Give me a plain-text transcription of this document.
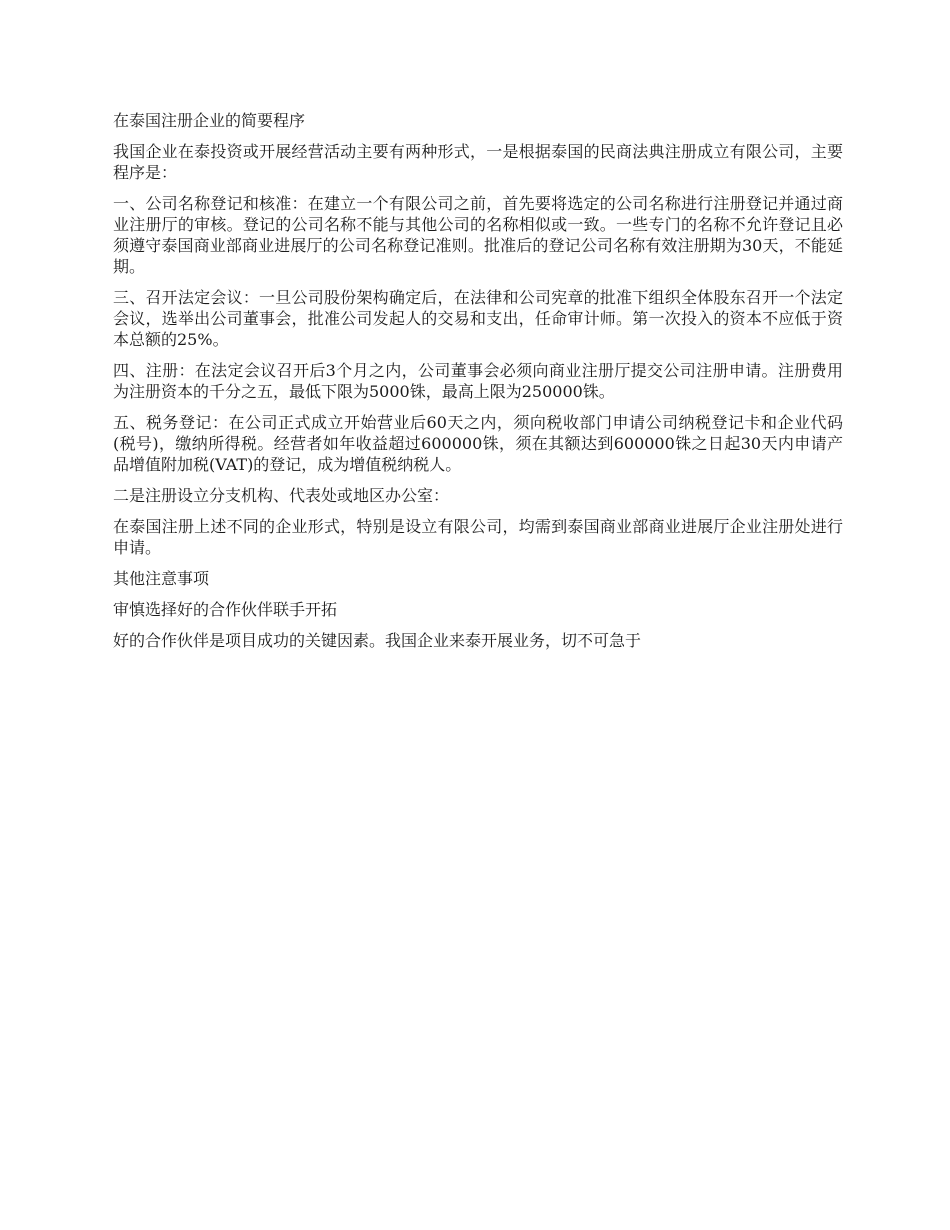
在泰国注册企业的简要程序

我国企业在泰投资或开展经营活动主要有两种形式，一是根据泰国的民商法典注册成立有限公司，主要程序是：

一、公司名称登记和核准：在建立一个有限公司之前，首先要将选定的公司名称进行注册登记并通过商业注册厅的审核。登记的公司名称不能与其他公司的名称相似或一致。一些专门的名称不允许登记且必须遵守泰国商业部商业进展厅的公司名称登记准则。批准后的登记公司名称有效注册期为30天，不能延期。

三、召开法定会议：一旦公司股份架构确定后，在法律和公司宪章的批准下组织全体股东召开一个法定会议，选举出公司董事会，批准公司发起人的交易和支出，任命审计师。第一次投入的资本不应低于资本总额的25%。

四、注册：在法定会议召开后3个月之内，公司董事会必须向商业注册厅提交公司注册申请。注册费用为注册资本的千分之五，最低下限为5000铢，最高上限为250000铢。

五、税务登记：在公司正式成立开始营业后60天之内，须向税收部门申请公司纳税登记卡和企业代码(税号)，缴纳所得税。经营者如年收益超过600000铢，须在其额达到600000铢之日起30天内申请产品增值附加税(VAT)的登记，成为增值税纳税人。

二是注册设立分支机构、代表处或地区办公室：

在泰国注册上述不同的企业形式，特别是设立有限公司，均需到泰国商业部商业进展厅企业注册处进行申请。

其他注意事项

审慎选择好的合作伙伴联手开拓

好的合作伙伴是项目成功的关键因素。我国企业来泰开展业务，切不可急于
